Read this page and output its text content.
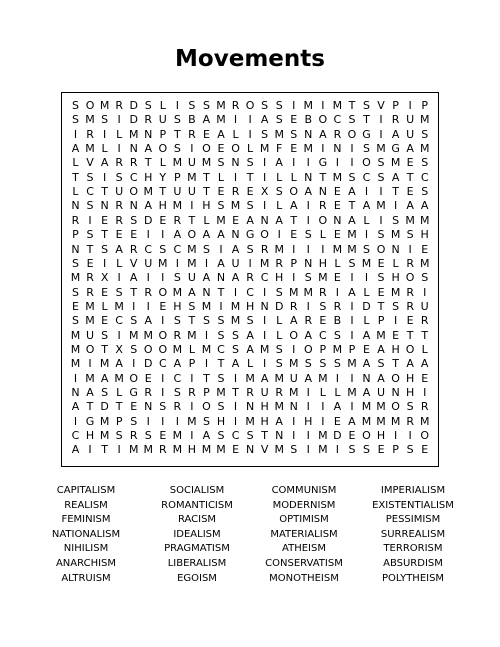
Movements
S O M R D S L I S S M R O S S I M I M T S V P I P
S M S I D R U S B A M I	I A S E B O C S T I R U M
I R I L M N P T R E A L I S M S N A R O G I A U S
A M L I N A O S I O E O L M F E M I N I S M G A M
L V A R R T L M U M S N S I A I	I G I	I O S M E S
T S I S C H Y P M T L I T I L L N T M S C S A T C
L C T U O M T U U T E R E X S O A N E A I	I T E S
N S N R N A H M I H S M S I L A I R E T A M I A A
R I E R S D E R T L M E A N A T I O N A L I S M M
P S T E E I	I A O A A N G O I E S L E M I S M S H
N T S A R C S C M S I A S R M I	I	I M M S O N I E
S E I L V U M I M I A U I M R P N H L S M E L R M
M R X I A I	I S U A N A R C H I S M E I	I S H O S
S R E S T R O M A N T I C I S M M R I A L E M R I
E M L M I	I E H S M I M H N D R I S R I D T S R U
S M E C S A I S T S S M S I L A R E B I L P I E R
M U S I M M O R M I S S A I L O A C S I A M E T T
M O T X S O O M L M C S A M S I O P M P E A H O L
M I M A I D C A P I T A L I S M S S S M A S T A A
I M A M O E I C I T S I M A M U A M I	I N A O H E
N A S L G R I S R P M T R U R M I L L M A U N H I
A T D T E N S R I O S I N H M N I	I A I M M O S R
I G M P S I	I	I M S H I M H A I H I E A M M M R M
C H M S R S E M I A S C S T N I	I M D E O H I	I O
A I T I M M R M H M M E N V M S I M I S S E P S E
CAPITALISM	SOCIALISM	COMMUNISM	IMPERIALISM
REALISM	ROMANTICISM	MODERNISM	EXISTENTIALISM
FEMINISM	RACISM	OPTIMISM	PESSIMISM
NATIONALISM	IDEALISM	MATERIALISM	SURREALISM
NIHILISM	PRAGMATISM	ATHEISM	TERRORISM
ANARCHISM	LIBERALISM	CONSERVATISM	ABSURDISM
ALTRUISM	EGOISM	MONOTHEISM	POLYTHEISM
